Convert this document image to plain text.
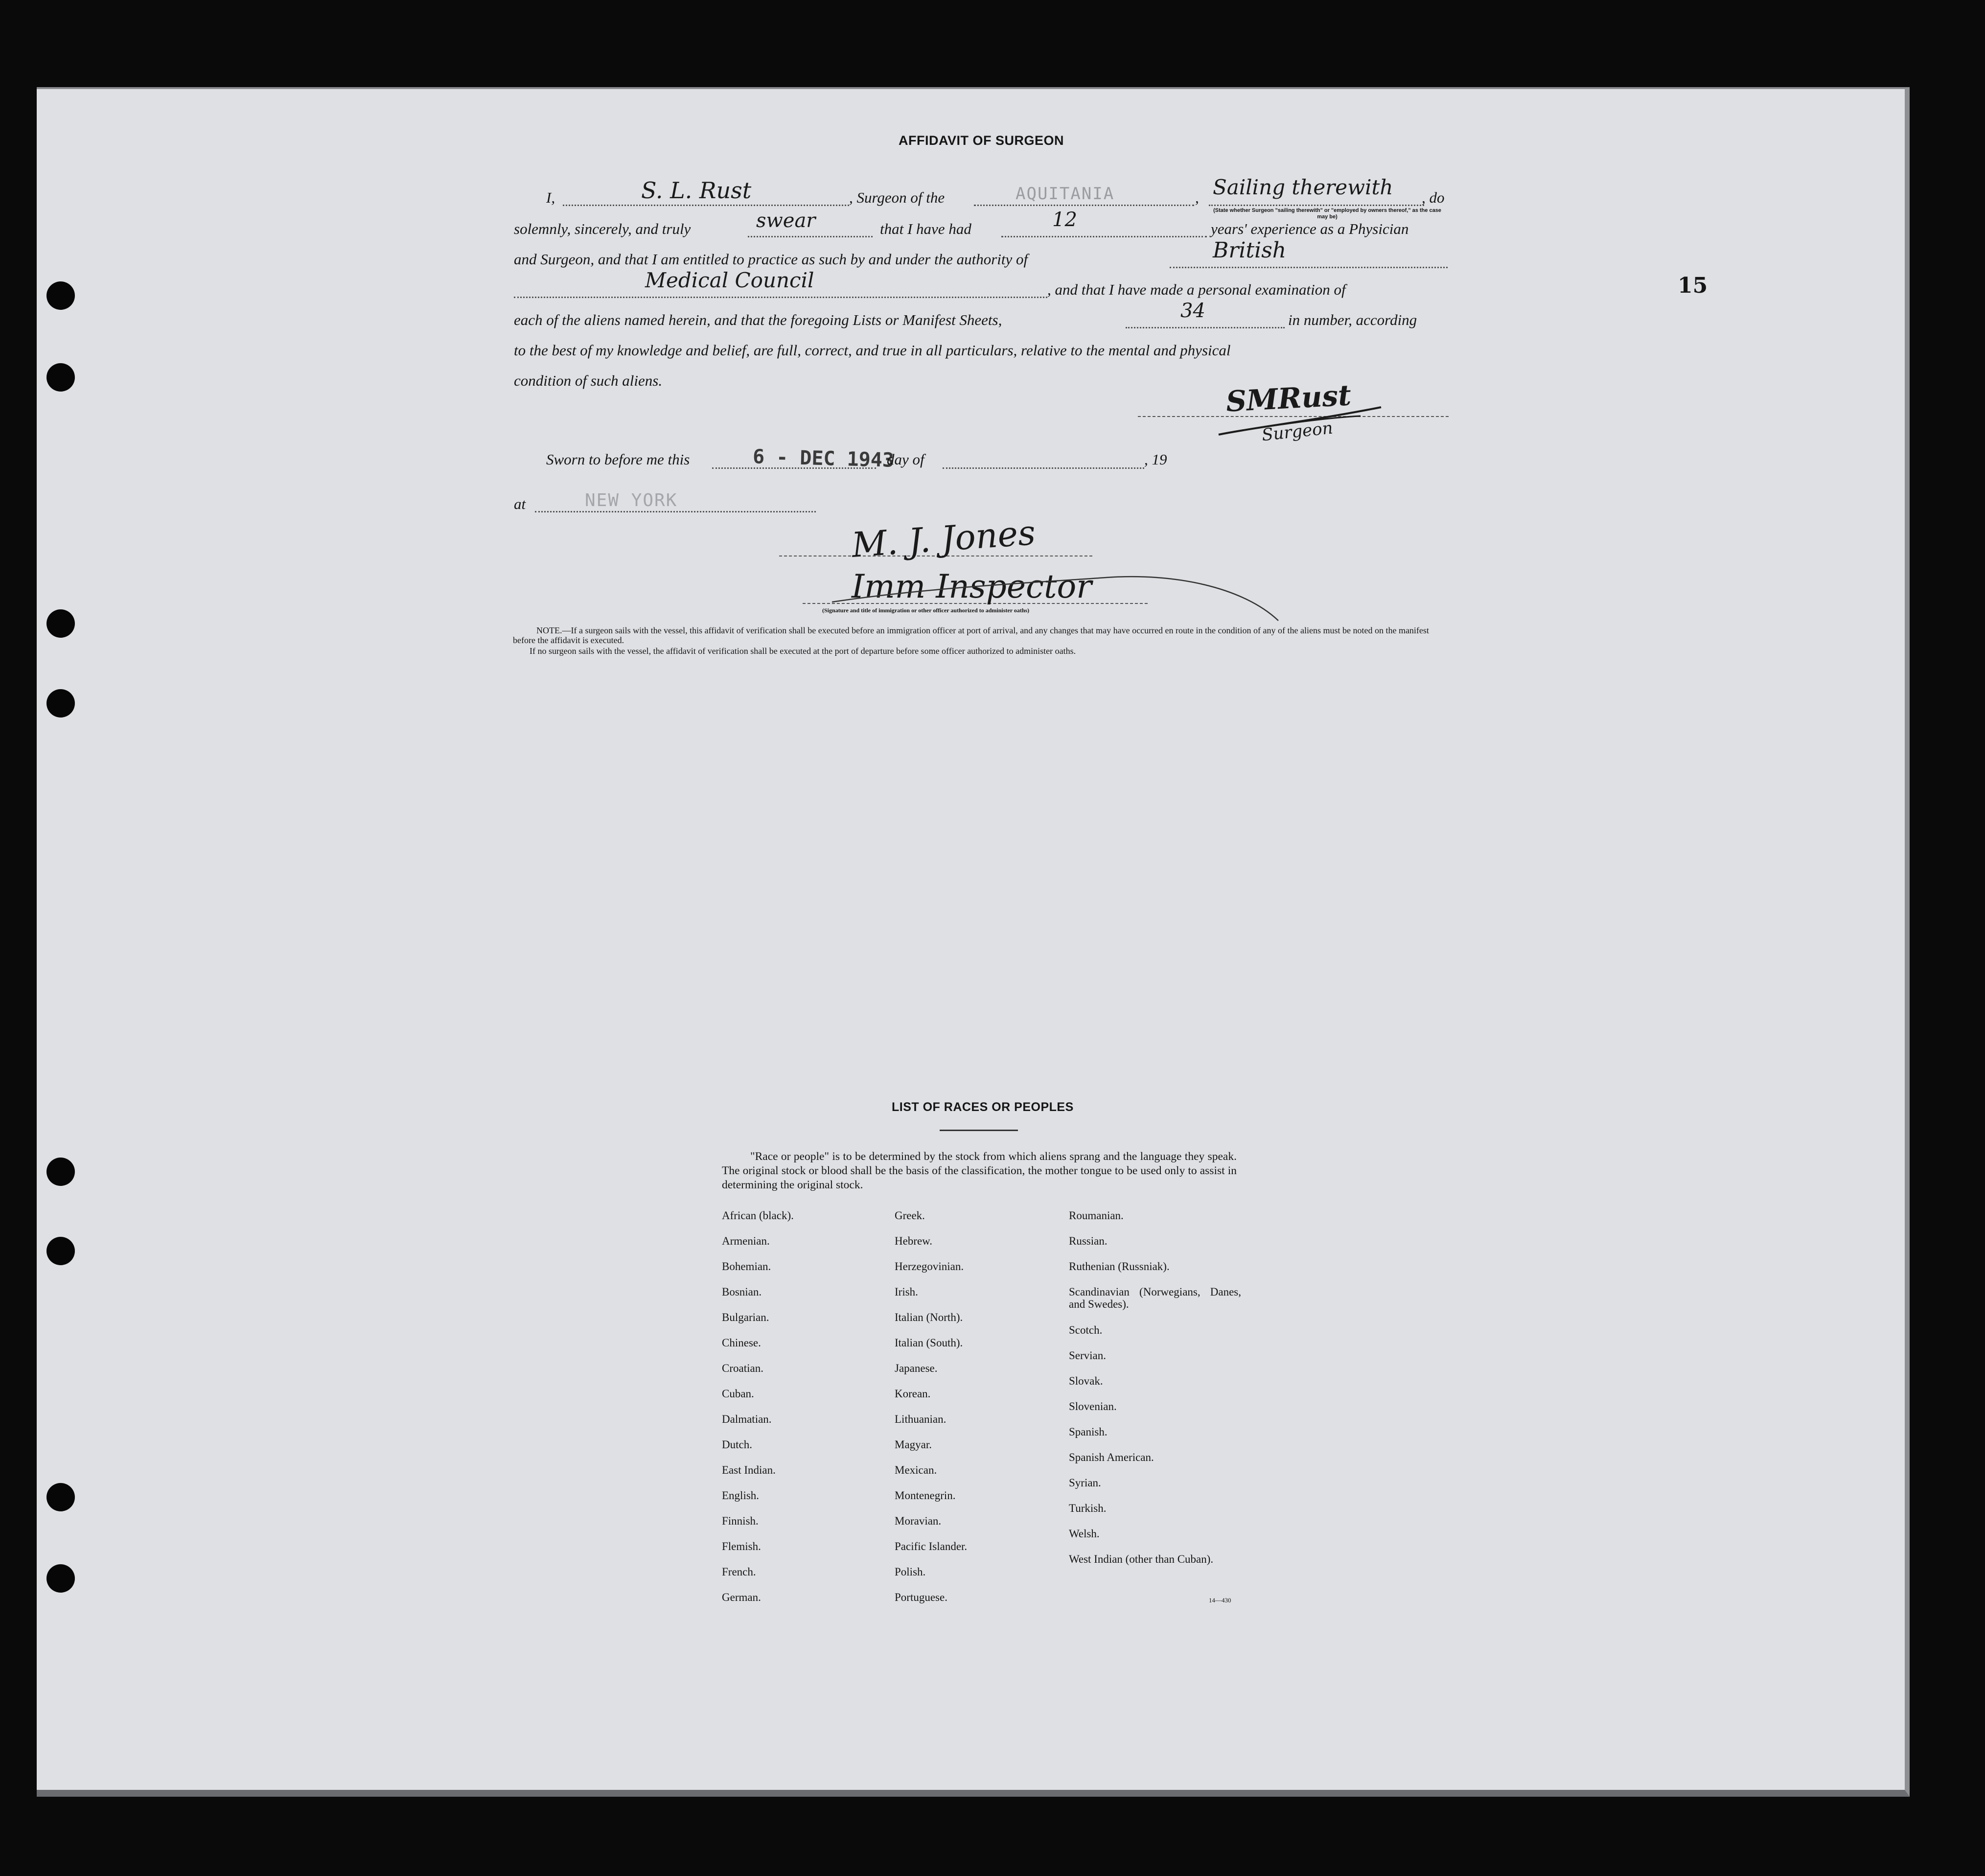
15
AFFIDAVIT OF SURGEON
I,	S. L. Rust	, Surgeon of the	AQUITANIA	, Sailing therewith , do
(State whether Surgeon "sailing therewith" or "employed by owners thereof," as the case may be)
solemnly, sincerely, and truly	swear	that I have had	12	years' experience as a Physician
and Surgeon, and that I am entitled to practice as such by and under the authority of	British
Medical Council	, and that I have made a personal examination of
each of the aliens named herein, and that the foregoing Lists or Manifest Sheets,	34	in number, according
to the best of my knowledge and belief, are full, correct, and true in all particulars, relative to the mental and physical
condition of such aliens.	SMRust
Surgeon
Sworn to before me this	6 - DEC 1943
day of	, 19
at	NEW YORK
M. J. Jones
Imm Inspector
(Signature and title of immigration or other officer authorized to administer oaths)
NOTE.—If a surgeon sails with the vessel, this affidavit of verification shall be executed before an immigration officer at port of arrival, and any changes that may have occurred en route in the condition of any of the aliens must be noted on the manifest before the affidavit is executed.
If no surgeon sails with the vessel, the affidavit of verification shall be executed at the port of departure before some officer authorized to administer oaths.
LIST OF RACES OR PEOPLES
"Race or people" is to be determined by the stock from which aliens sprang and the language they speak. The original stock or blood shall be the basis of the classification, the mother tongue to be used only to assist in determining the original stock.
African (black).
Armenian.
Bohemian.
Bosnian.
Bulgarian.
Chinese.
Croatian.
Cuban.
Dalmatian.
Dutch.
East Indian.
English.
Finnish.
Flemish.
French.
German.
Greek.
Hebrew.
Herzegovinian.
Irish.
Italian (North).
Italian (South).
Japanese.
Korean.
Lithuanian.
Magyar.
Mexican.
Montenegrin.
Moravian.
Pacific Islander.
Polish.
Portuguese.
Roumanian.
Russian.
Ruthenian (Russniak).
Scandinavian (Norwegians, Danes, and Swedes).
Scotch.
Servian.
Slovak.
Slovenian.
Spanish.
Spanish American.
Syrian.
Turkish.
Welsh.
West Indian (other than Cuban).
14—430
